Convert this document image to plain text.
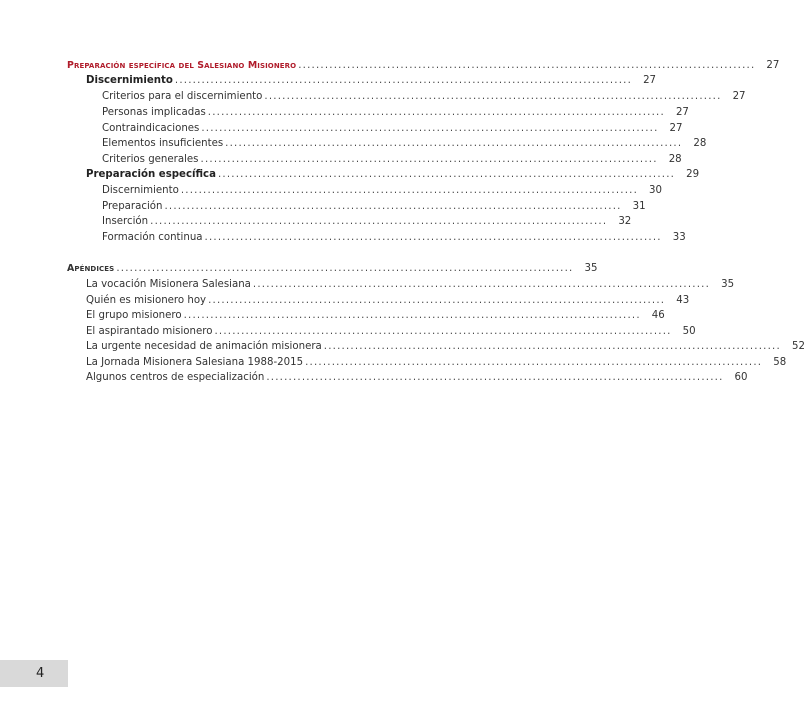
Preparación específica del Salesiano Misionero .......................................................................................................	27
Discernimiento .......................................................................................................	27
Criterios para el discernimiento .......................................................................................................	27
Personas implicadas .......................................................................................................	27
Contraindicaciones .......................................................................................................	27
Elementos insuficientes .......................................................................................................	28
Criterios generales .......................................................................................................	28
Preparación específica .......................................................................................................	29
Discernimiento .......................................................................................................	30
Preparación .......................................................................................................	31
Inserción .......................................................................................................	32
Formación continua .......................................................................................................	33
Apéndices .......................................................................................................	35
La vocación Misionera Salesiana .......................................................................................................	35
Quién es misionero hoy .......................................................................................................	43
El grupo misionero .......................................................................................................	46
El aspirantado misionero .......................................................................................................	50
La urgente necesidad de animación misionera .......................................................................................................	52
La Jornada Misionera Salesiana 1988-2015 .......................................................................................................	58
Algunos centros de especialización .......................................................................................................	60
4
